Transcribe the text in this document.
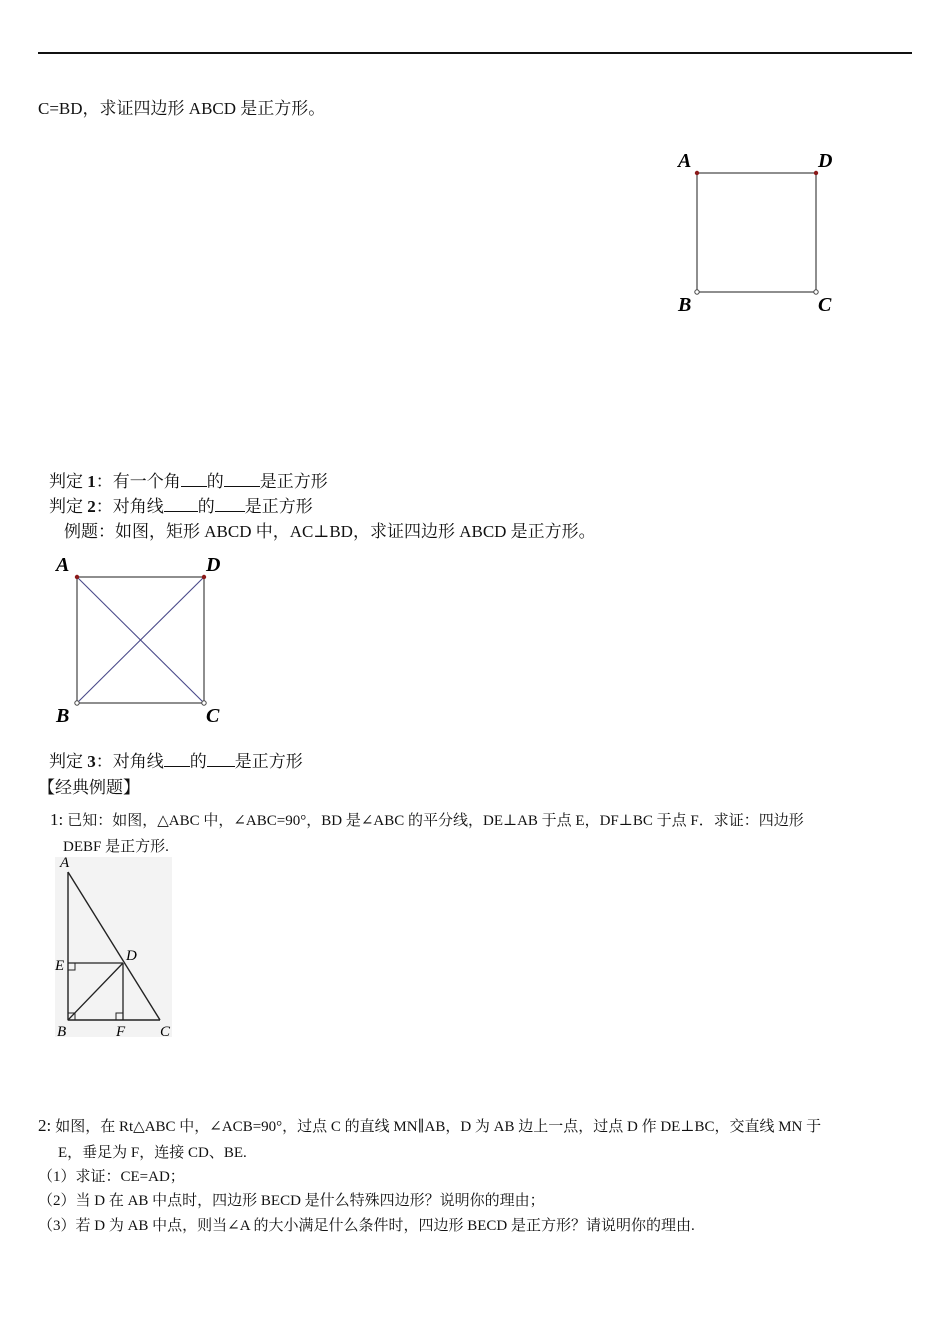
C=BD，求证四边形 ABCD 是正方形。
A	D
B	C
判定 1：有一个角 的 是正方形
判定 2：对角线 的 是正方形
例题：如图，矩形 ABCD 中，AC⊥BD，求证四边形 ABCD 是正方形。
A	D
B	C
判定 3：对角线 的 是正方形
【经典例题】
1: 已知：如图，△ABC 中，∠ABC=90°，BD 是∠ABC 的平分线，DE⊥AB 于点 E，DF⊥BC 于点 F．求证：四边形
DEBF 是正方形.
A
E
D
B	F C
2: 如图，在 Rt△ABC 中，∠ACB=90°，过点 C 的直线 MN∥AB，D 为 AB 边上一点，过点 D 作 DE⊥BC，交直线 MN 于
E，垂足为 F，连接 CD、BE.
（1）求证：CE=AD；
（2）当 D 在 AB 中点时，四边形 BECD 是什么特殊四边形？说明你的理由；
（3）若 D 为 AB 中点，则当∠A 的大小满足什么条件时，四边形 BECD 是正方形？请说明你的理由.
